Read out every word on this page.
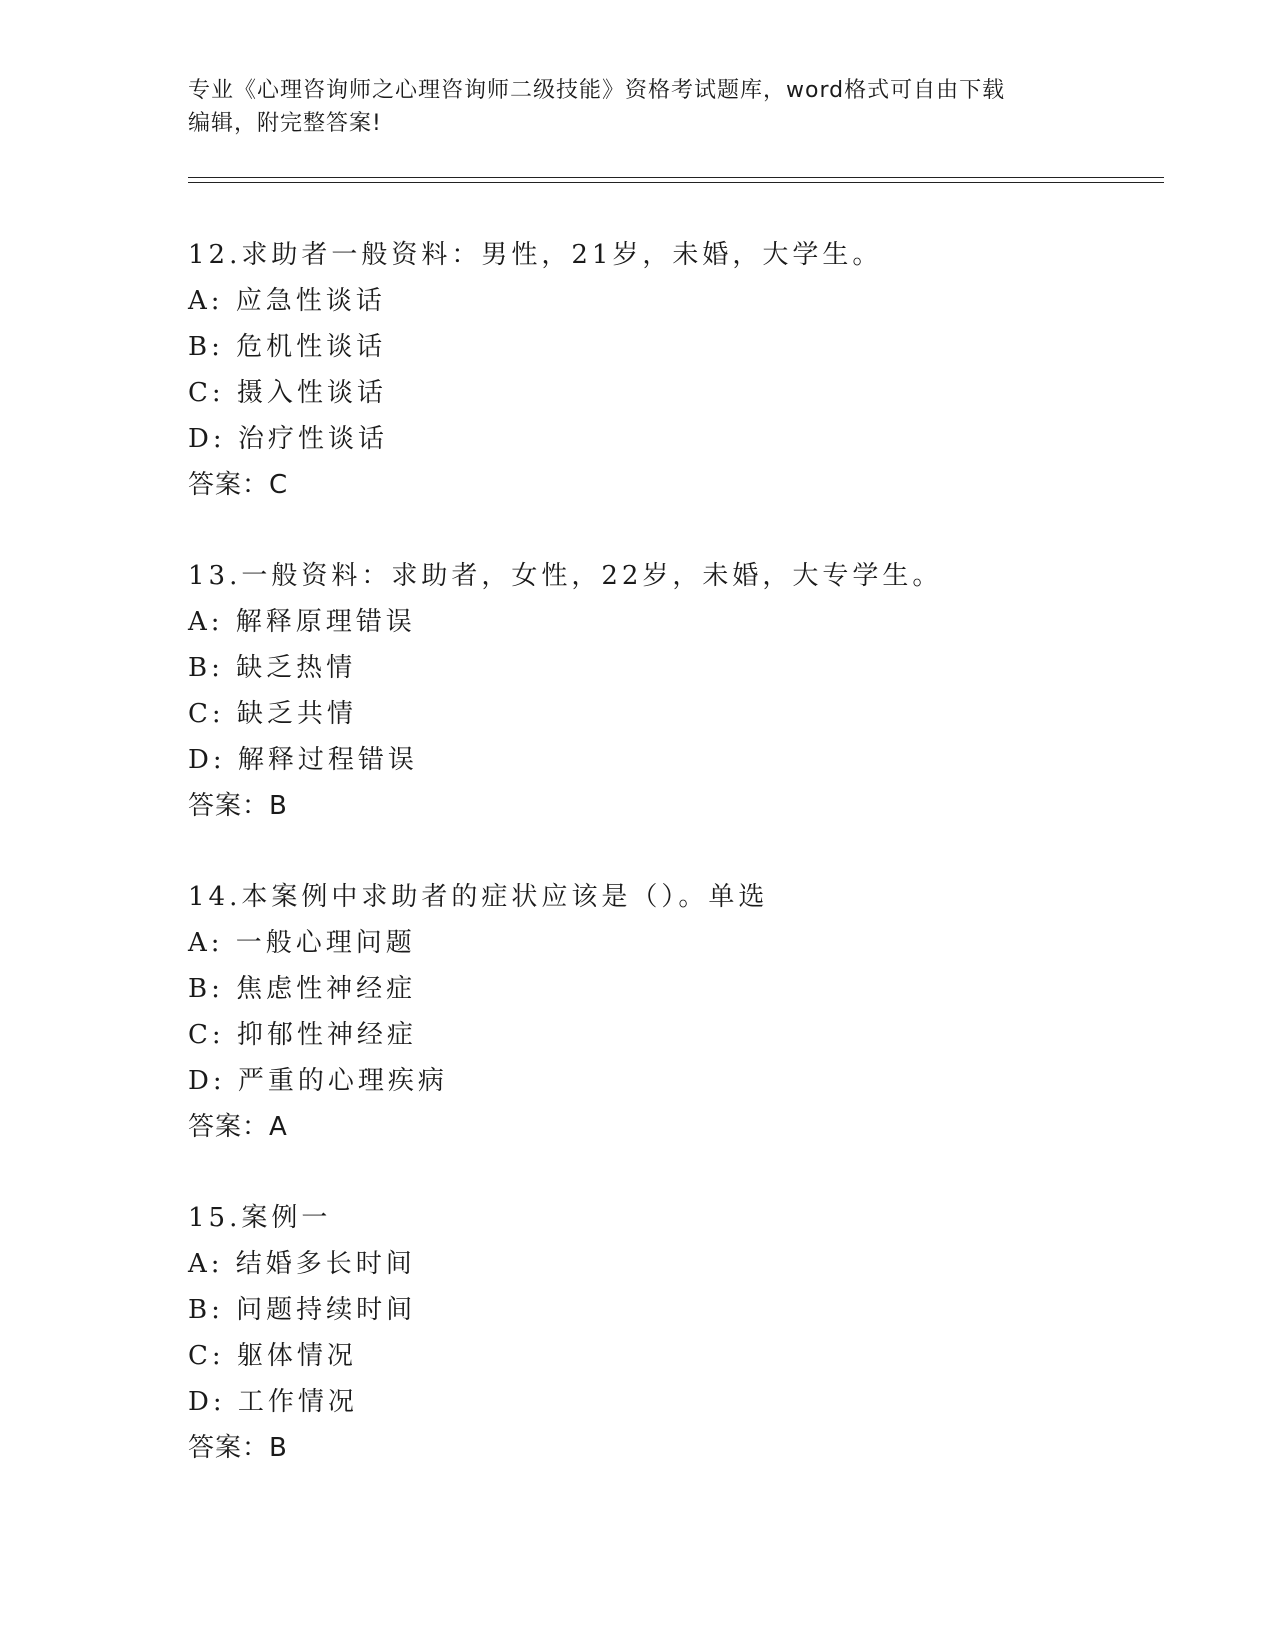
专业《心理咨询师之心理咨询师二级技能》资格考试题库，word格式可自由下载
编辑，附完整答案!
12.求助者一般资料：男性，21岁，未婚，大学生。
A: 应急性谈话
B: 危机性谈话
C: 摄入性谈话
D: 治疗性谈话
答案：C
13.一般资料：求助者，女性，22岁，未婚，大专学生。
A: 解释原理错误
B: 缺乏热情
C: 缺乏共情
D: 解释过程错误
答案：B
14.本案例中求助者的症状应该是（）。单选
A: 一般心理问题
B: 焦虑性神经症
C: 抑郁性神经症
D: 严重的心理疾病
答案：A
15.案例一
A: 结婚多长时间
B: 问题持续时间
C: 躯体情况
D: 工作情况
答案：B
